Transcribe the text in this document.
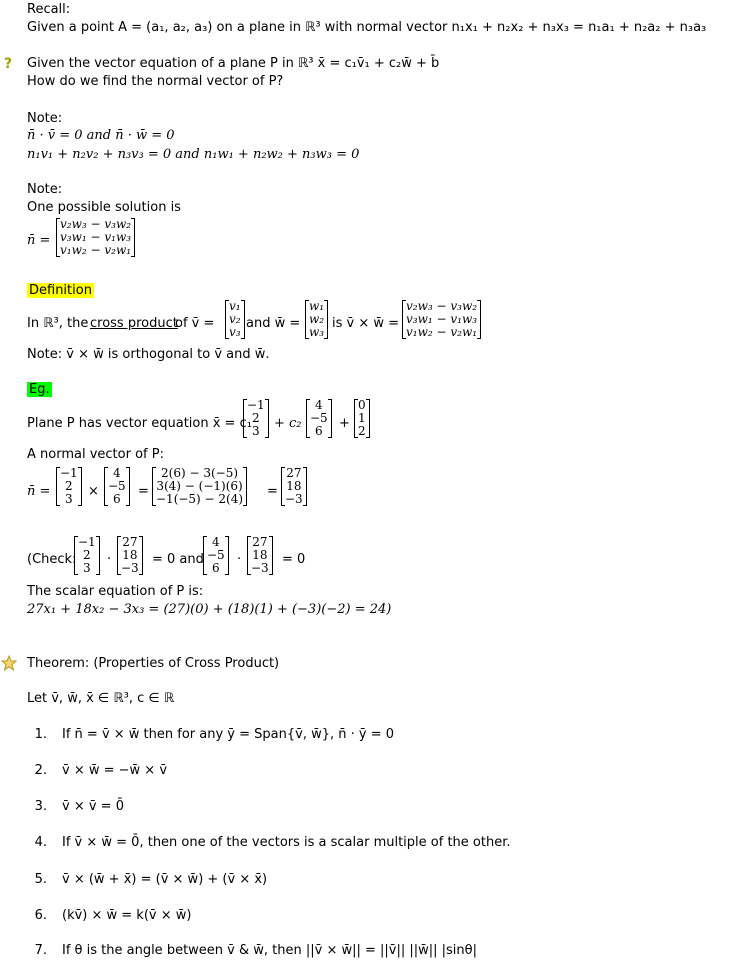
Recall:
Given a point A = (a₁, a₂, a₃) on a plane in ℝ³ with normal vector n₁x₁ + n₂x₂ + n₃x₃ = n₁a₁ + n₂a₂ + n₃a₃
? Given the vector equation of a plane P in ℝ³ x̄ = c₁v̄₁ + c₂w̄ + b̄
How do we find the normal vector of P?
Note:
n̄ · v̄ = 0 and n̄ · w̄ = 0
n₁v₁ + n₂v₂ + n₃v₃ = 0 and n₁w₁ + n₂w₂ + n₃w₃ = 0
Note:
One possible solution is
n̄ =
v₂w₃ − v₃w₂
v₃w₁ − v₁w₃
v₁w₂ − v₂w₁
Definition
In ℝ³, the cross product
of v̄ =
v₁
v₂
v₃
and w̄ =
w₁
w₂
w₃
is v̄ × w̄ =
v₂w₃ − v₃w₂
v₃w₁ − v₁w₃
v₁w₂ − v₂w₁
Note: v̄ × w̄ is orthogonal to v̄ and w̄.
Eg.
Plane P has vector equation x̄ = c₁
−1
2
3	+ c₂
4
−5
6	+
0
1
2
A normal vector of P:
n̄ =
−1
2
3	×
4
−5
6	=
2(6) − 3(−5)
3(4) − (−1)(6)
−1(−5) − 2(4) =
27
18
−3
(Check:
−1
2
3
·
27
18
−3
= 0 and
4
−5
6
·
27
18
−3
= 0
The scalar equation of P is:
27x₁ + 18x₂ − 3x₃ = (27)(0) + (18)(1) + (−3)(−2) = 24)
Theorem: (Properties of Cross Product)
Let v̄, w̄, x̄ ∈ ℝ³, c ∈ ℝ
1. If n̄ = v̄ × w̄ then for any ȳ = Span{v̄, w̄}, n̄ · ȳ = 0
2. v̄ × w̄ = −w̄ × v̄
3. v̄ × v̄ = 0̄
4. If v̄ × w̄ = 0̄, then one of the vectors is a scalar multiple of the other.
5. v̄ × (w̄ + x̄) = (v̄ × w̄) + (v̄ × x̄)
6. (kv̄) × w̄ = k(v̄ × w̄)
7. If θ is the angle between v̄ & w̄, then ||v̄ × w̄|| = ||v̄|| ||w̄|| |sinθ|
